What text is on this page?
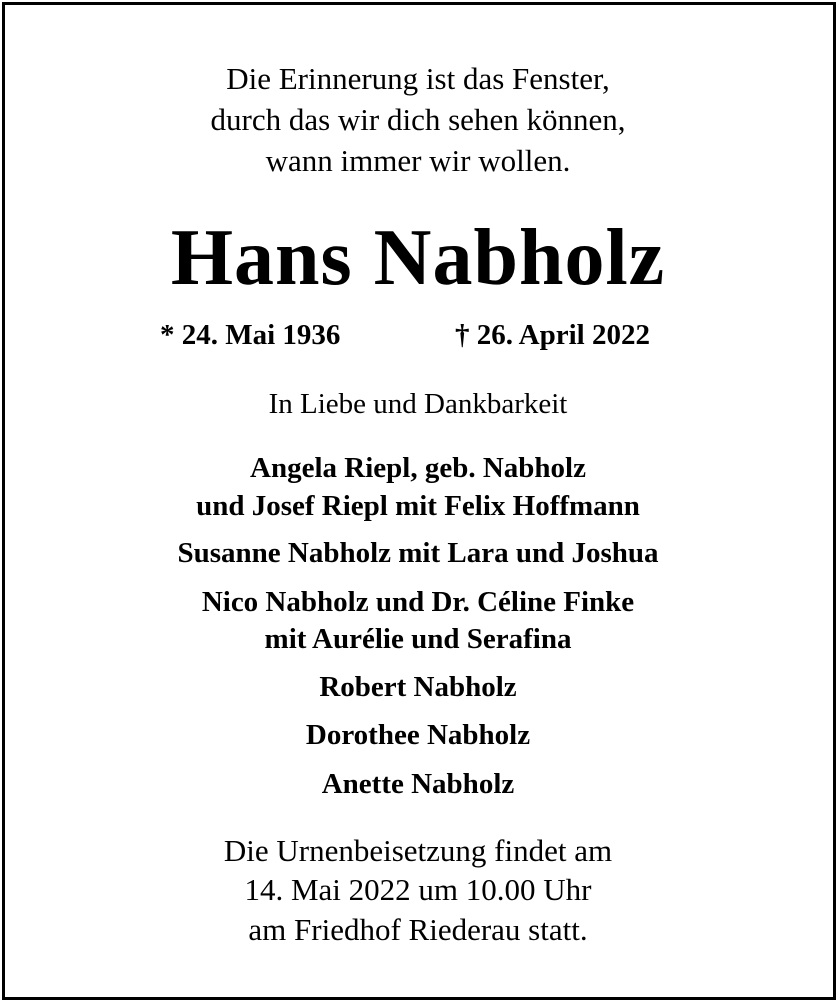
Die Erinnerung ist das Fenster,
durch das wir dich sehen können,
wann immer wir wollen.
Hans Nabholz
* 24. Mai 1936	† 26. April 2022
In Liebe und Dankbarkeit
Angela Riepl, geb. Nabholz
und Josef Riepl mit Felix Hoffmann
Susanne Nabholz mit Lara und Joshua
Nico Nabholz und Dr. Céline Finke
mit Aurélie und Serafina
Robert Nabholz
Dorothee Nabholz
Anette Nabholz
Die Urnenbeisetzung findet am
14. Mai 2022 um 10.00 Uhr
am Friedhof Riederau statt.
